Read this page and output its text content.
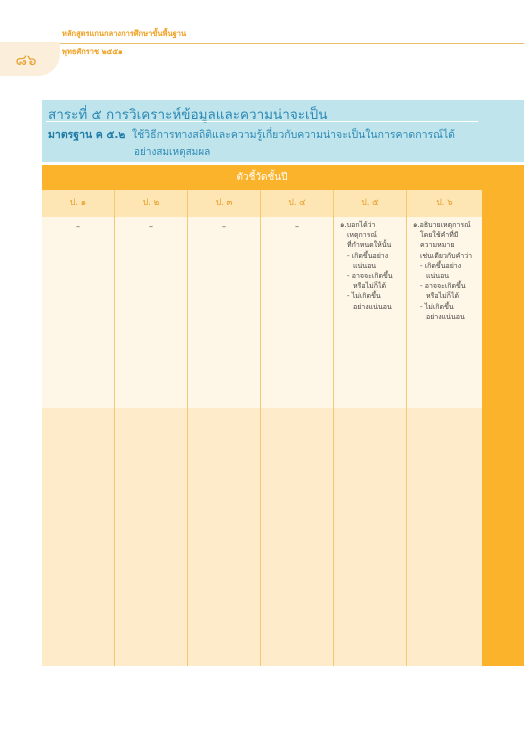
หลักสูตรแกนกลางการศึกษาขั้นพื้นฐาน
พุทธศักราช ๒๕๕๑
๘๖
สาระที่ ๕ การวิเคราะห์ข้อมูลและความน่าจะเป็น
มาตรฐาน ค ๕.๒ ใช้วิธีการทางสถิติและความรู้เกี่ยวกับความน่าจะเป็นในการคาดการณ์ได้
อย่างสมเหตุสมผล
ตัวชี้วัดชั้นปี
ป. ๑
–
ป. ๒
–
ป. ๓
–
ป. ๔
–
ป. ๕
๑.บอกได้ว่า
เหตุการณ์
ที่กำหนดให้นั้น
- เกิดขึ้นอย่าง
แน่นอน
- อาจจะเกิดขึ้น
หรือไม่ก็ได้
- ไม่เกิดขึ้น
อย่างแน่นอน
ป. ๖
๑.อธิบายเหตุการณ์
โดยใช้คำที่มี
ความหมาย
เช่นเดียวกับคำว่า
- เกิดขึ้นอย่าง
แน่นอน
- อาจจะเกิดขึ้น
หรือไม่ก็ได้
- ไม่เกิดขึ้น
อย่างแน่นอน
